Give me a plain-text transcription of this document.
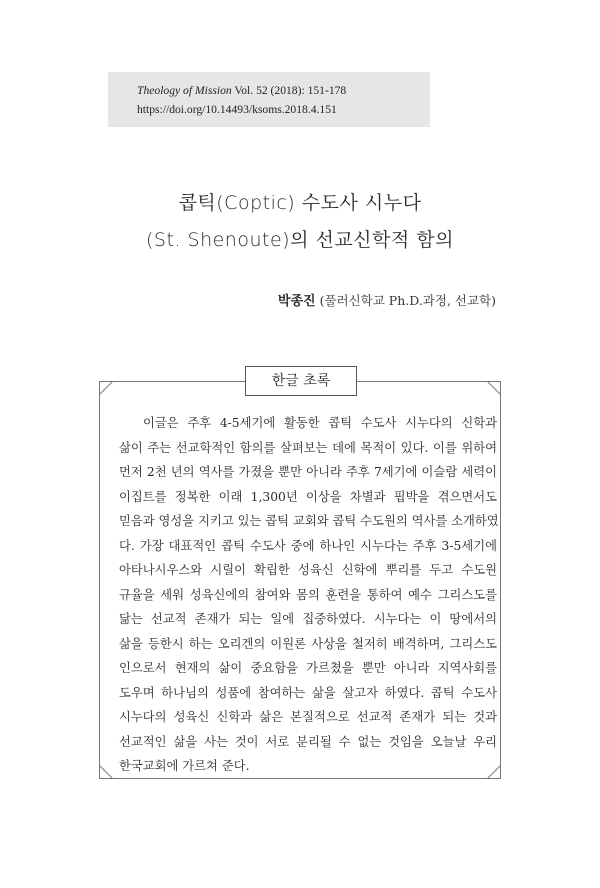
Theology of Mission Vol. 52 (2018): 151-178
https://doi.org/10.14493/ksoms.2018.4.151
콥틱(Coptic) 수도사 시누다
(St. Shenoute)의 선교신학적 함의
박종진 (풀러신학교 Ph.D.과정, 선교학)
한글 초록
이글은 주후 4-5세기에 활동한 콥틱 수도사 시누다의 신학과
삶이 주는 선교학적인 함의를 살펴보는 데에 목적이 있다. 이를 위하여
먼저 2천 년의 역사를 가졌을 뿐만 아니라 주후 7세기에 이슬람 세력이
이집트를 정복한 이래 1,300년 이상을 차별과 핍박을 겪으면서도
믿음과 영성을 지키고 있는 콥틱 교회와 콥틱 수도원의 역사를 소개하였
다. 가장 대표적인 콥틱 수도사 중에 하나인 시누다는 주후 3-5세기에
아타나시우스와 시릴이 확립한 성육신 신학에 뿌리를 두고 수도원
규율을 세워 성육신에의 참여와 몸의 훈련을 통하여 예수 그리스도를
닮는 선교적 존재가 되는 일에 집중하였다. 시누다는 이 땅에서의
삶을 등한시 하는 오리겐의 이원론 사상을 철저히 배격하며, 그리스도
인으로서 현재의 삶이 중요함을 가르쳤을 뿐만 아니라 지역사회를
도우며 하나님의 성품에 참여하는 삶을 살고자 하였다. 콥틱 수도사
시누다의 성육신 신학과 삶은 본질적으로 선교적 존재가 되는 것과
선교적인 삶을 사는 것이 서로 분리될 수 없는 것임을 오늘날 우리
한국교회에 가르쳐 준다.
